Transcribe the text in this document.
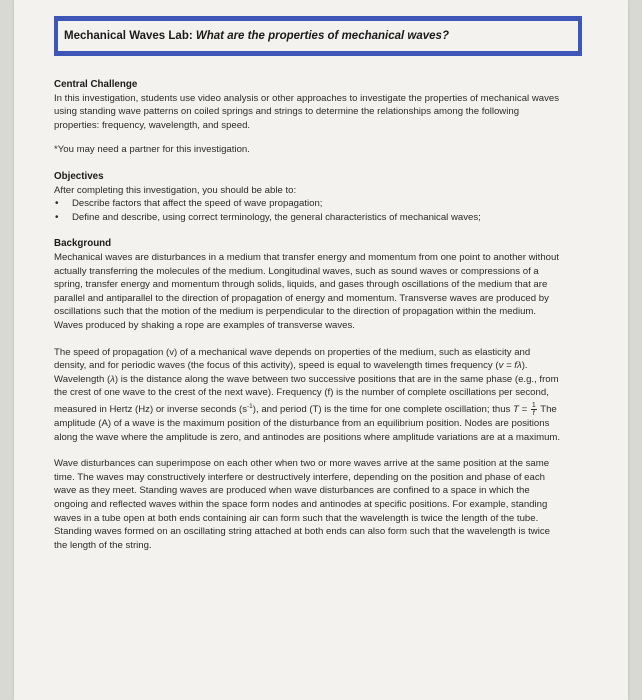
Mechanical Waves Lab:
What are the properties of mechanical waves?

Central Challenge

In this investigation, students use video analysis or other approaches to investigate the properties of mechanical waves using standing wave patterns on coiled springs and strings to determine the relationships among the following properties: frequency, wavelength, and speed.

*You may need a partner for this investigation.

Objectives

After completing this investigation, you should be able to:

• Describe factors that affect the speed of wave propagation;
• Define and describe, using correct terminology, the general characteristics of mechanical waves;

Background

Mechanical waves are disturbances in a medium that transfer energy and momentum from one point to another without actually transferring the molecules of the medium. Longitudinal waves, such as sound waves or compressions of a spring, transfer energy and momentum through solids, liquids, and gases through oscillations of the medium that are parallel and antiparallel to the direction of propagation of energy and momentum. Transverse waves are produced by oscillations such that the motion of the medium is perpendicular to the direction of propagation within the medium. Waves produced by shaking a rope are examples of transverse waves.

The speed of propagation (v) of a mechanical wave depends on properties of the medium, such as elasticity and density, and for periodic waves (the focus of this activity), speed is equal to wavelength times frequency (v = fλ). Wavelength (λ) is the distance along the wave between two successive positions that are in the same phase (e.g., from the crest of one wave to the crest of the next wave). Frequency (f) is the number of complete oscillations per second, measured in Hertz (Hz) or inverse seconds $(s^{-1})$, and period (T) is the time for one complete oscillation; thus $T = \frac{1}{f}$ The amplitude (A) of a wave is the maximum position of the disturbance from an equilibrium position. Nodes are positions along the wave where the amplitude is zero, and antinodes are positions where amplitude variations are at a maximum.

Wave disturbances can superimpose on each other when two or more waves arrive at the same position at the same time. The waves may constructively interfere or destructively interfere, depending on the position and phase of each wave as they meet. Standing waves are produced when wave disturbances are confined to a space in which the ongoing and reflected waves within the space form nodes and antinodes at specific positions. For example, standing waves in a tube open at both ends containing air can form such that the wavelength is twice the length of the tube. Standing waves formed on an oscillating string attached at both ends can also form such that the wavelength is twice the length of the string.
